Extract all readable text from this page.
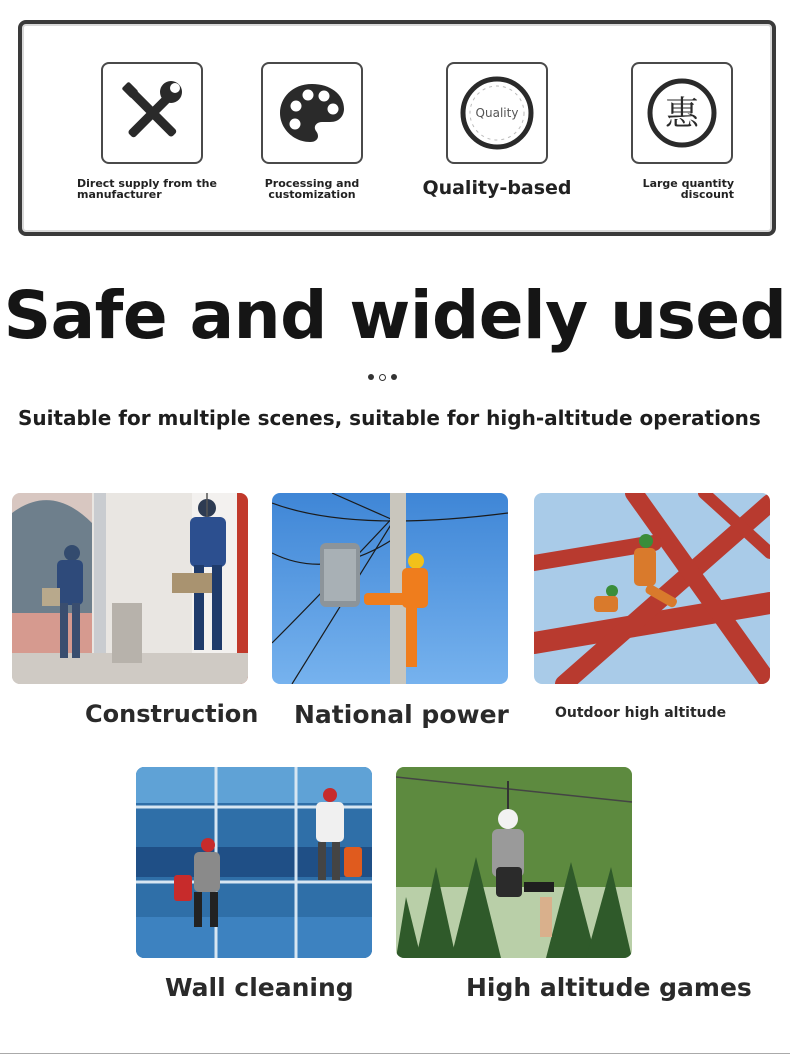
Direct supply from the manufacturer
Processing and customization
Quality
Quality-based
惠
Large quantity discount
Safe and widely used
Suitable for multiple scenes, suitable for high-altitude operations
Construction National power	Outdoor high altitude
Wall cleaning	High altitude games
